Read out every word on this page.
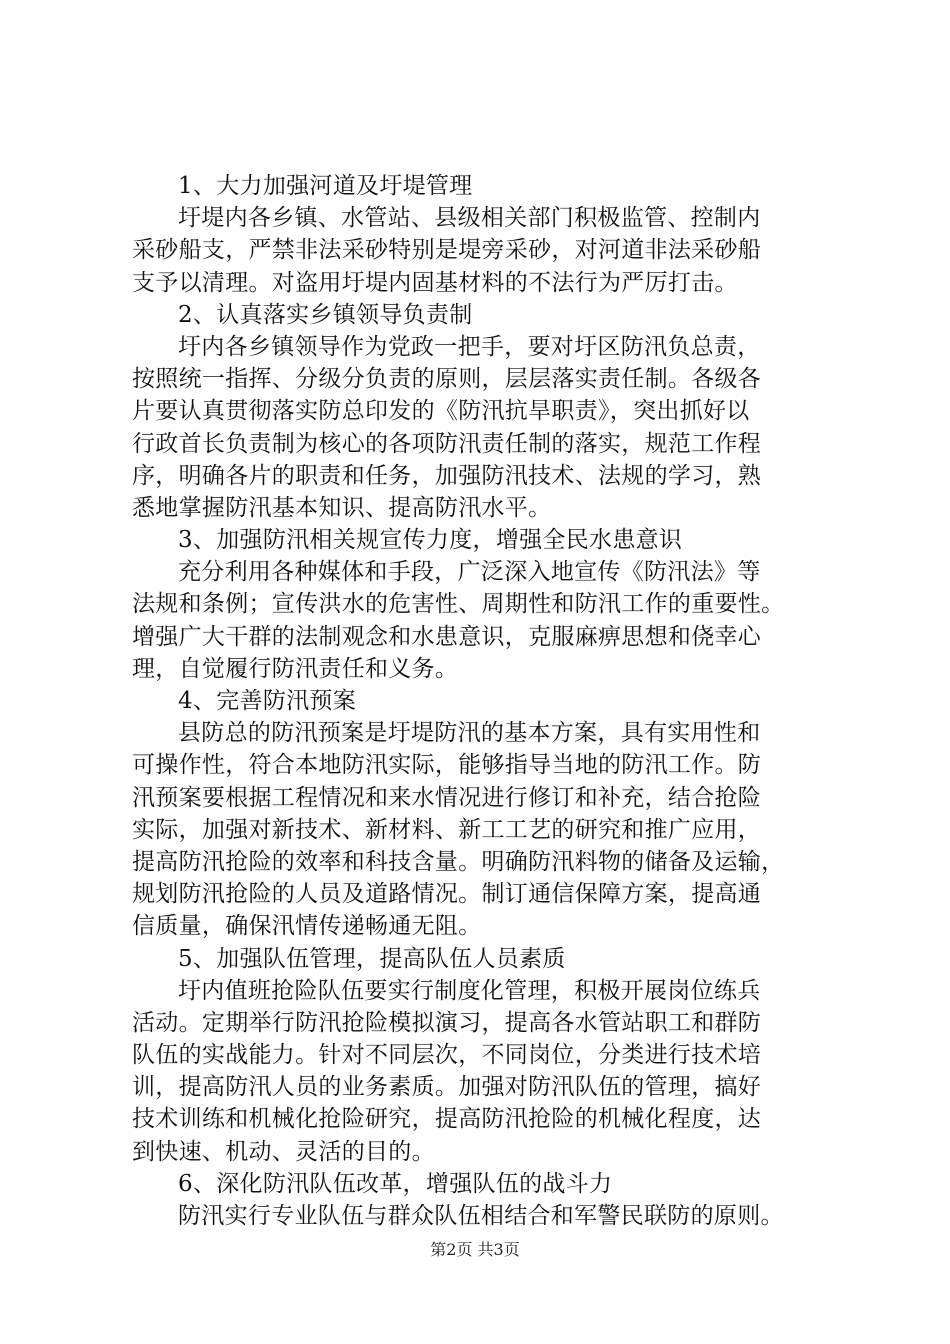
1、大力加强河道及圩堤管理
圩堤内各乡镇、水管站、县级相关部门积极监管、控制内
采砂船支，严禁非法采砂特别是堤旁采砂，对河道非法采砂船
支予以清理。对盗用圩堤内固基材料的不法行为严厉打击。
2、认真落实乡镇领导负责制
圩内各乡镇领导作为党政一把手，要对圩区防汛负总责，
按照统一指挥、分级分负责的原则，层层落实责任制。各级各
片要认真贯彻落实防总印发的《防汛抗旱职责》，突出抓好以
行政首长负责制为核心的各项防汛责任制的落实，规范工作程
序，明确各片的职责和任务，加强防汛技术、法规的学习，熟
悉地掌握防汛基本知识、提高防汛水平。
3、加强防汛相关规宣传力度，增强全民水患意识
充分利用各种媒体和手段，广泛深入地宣传《防汛法》等
法规和条例；宣传洪水的危害性、周期性和防汛工作的重要性。
增强广大干群的法制观念和水患意识，克服麻痹思想和侥幸心
理，自觉履行防汛责任和义务。
4、完善防汛预案
县防总的防汛预案是圩堤防汛的基本方案，具有实用性和
可操作性，符合本地防汛实际，能够指导当地的防汛工作。防
汛预案要根据工程情况和来水情况进行修订和补充，结合抢险
实际，加强对新技术、新材料、新工工艺的研究和推广应用，
提高防汛抢险的效率和科技含量。明确防汛料物的储备及运输，
规划防汛抢险的人员及道路情况。制订通信保障方案，提高通
信质量，确保汛情传递畅通无阻。
5、加强队伍管理，提高队伍人员素质
圩内值班抢险队伍要实行制度化管理，积极开展岗位练兵
活动。定期举行防汛抢险模拟演习，提高各水管站职工和群防
队伍的实战能力。针对不同层次，不同岗位，分类进行技术培
训，提高防汛人员的业务素质。加强对防汛队伍的管理，搞好
技术训练和机械化抢险研究，提高防汛抢险的机械化程度，达
到快速、机动、灵活的目的。
6、深化防汛队伍改革，增强队伍的战斗力
防汛实行专业队伍与群众队伍相结合和军警民联防的原则。
第2页 共3页
